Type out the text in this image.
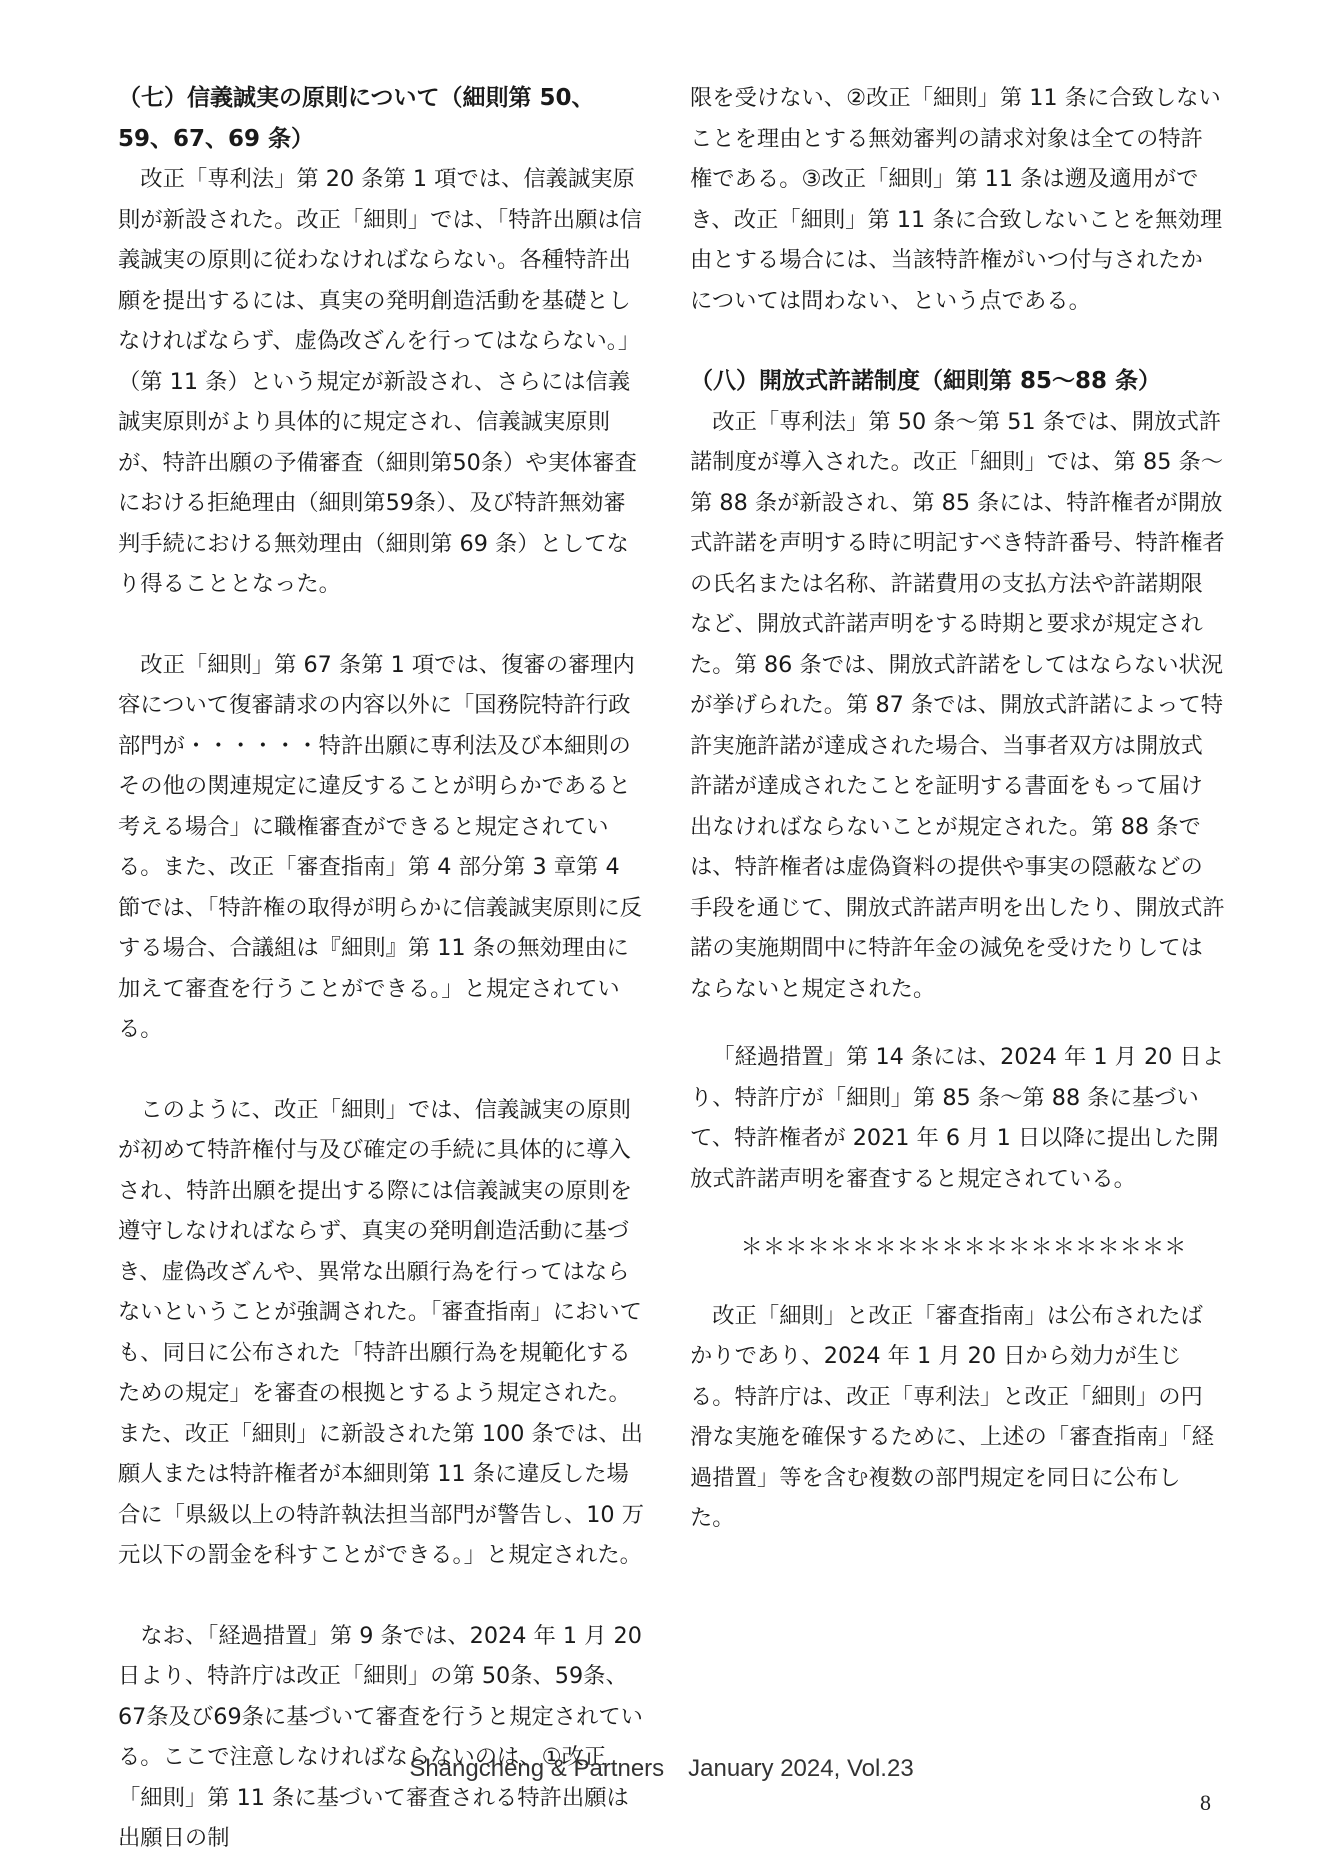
（七）信義誠実の原則について（細則第 50、59、67、69 条）

改正「専利法」第 20 条第 1 項では、信義誠実原則が新設された。改正「細則」では、「特許出願は信義誠実の原則に従わなければならない。各種特許出願を提出するには、真実の発明創造活動を基礎としなければならず、虚偽改ざんを行ってはならない。」（第 11 条）という規定が新設され、さらには信義誠実原則がより具体的に規定され、信義誠実原則が、特許出願の予備審査（細則第50条）や実体審査における拒絶理由（細則第59条）、及び特許無効審判手続における無効理由（細則第 69 条）としてなり得ることとなった。

改正「細則」第 67 条第 1 項では、復審の審理内容について復審請求の内容以外に「国務院特許行政部門が・・・・・・特許出願に専利法及び本細則のその他の関連規定に違反することが明らかであると考える場合」に職権審査ができると規定されている。また、改正「審査指南」第 4 部分第 3 章第 4 節では、「特許権の取得が明らかに信義誠実原則に反する場合、合議組は『細則』第 11 条の無効理由に加えて審査を行うことができる。」と規定されている。

このように、改正「細則」では、信義誠実の原則が初めて特許権付与及び確定の手続に具体的に導入され、特許出願を提出する際には信義誠実の原則を遵守しなければならず、真実の発明創造活動に基づき、虚偽改ざんや、異常な出願行為を行ってはならないということが強調された。「審査指南」においても、同日に公布された「特許出願行為を規範化するための規定」を審査の根拠とするよう規定された。また、改正「細則」に新設された第 100 条では、出願人または特許権者が本細則第 11 条に違反した場合に「県級以上の特許執法担当部門が警告し、10 万元以下の罰金を科すことができる。」と規定された。

なお、「経過措置」第 9 条では、2024 年 1 月 20 日より、特許庁は改正「細則」の第 50条、59条、67条及び69条に基づいて審査を行うと規定されている。ここで注意しなければならないのは、①改正「細則」第 11 条に基づいて審査される特許出願は出願日の制

限を受けない、②改正「細則」第 11 条に合致しないことを理由とする無効審判の請求対象は全ての特許権である。③改正「細則」第 11 条は遡及適用ができ、改正「細則」第 11 条に合致しないことを無効理由とする場合には、当該特許権がいつ付与されたかについては問わない、という点である。

（八）開放式許諾制度（細則第 85～88 条）

改正「専利法」第 50 条～第 51 条では、開放式許諾制度が導入された。改正「細則」では、第 85 条～第 88 条が新設され、第 85 条には、特許権者が開放式許諾を声明する時に明記すべき特許番号、特許権者の氏名または名称、許諾費用の支払方法や許諾期限など、開放式許諾声明をする時期と要求が規定された。第 86 条では、開放式許諾をしてはならない状況が挙げられた。第 87 条では、開放式許諾によって特許実施許諾が達成された場合、当事者双方は開放式許諾が達成されたことを証明する書面をもって届け出なければならないことが規定された。第 88 条では、特許権者は虚偽資料の提供や事実の隠蔽などの手段を通じて、開放式許諾声明を出したり、開放式許諾の実施期間中に特許年金の減免を受けたりしてはならないと規定された。

「経過措置」第 14 条には、2024 年 1 月 20 日より、特許庁が「細則」第 85 条～第 88 条に基づいて、特許権者が 2021 年 6 月 1 日以降に提出した開放式許諾声明を審査すると規定されている。

＊＊＊＊＊＊＊＊＊＊＊＊＊＊＊＊＊＊＊＊

改正「細則」と改正「審査指南」は公布されたばかりであり、2024 年 1 月 20 日から効力が生じる。特許庁は、改正「専利法」と改正「細則」の円滑な実施を確保するために、上述の「審査指南」「経過措置」等を含む複数の部門規定を同日に公布した。

Shangcheng & Partners　January 2024, Vol.23
8
